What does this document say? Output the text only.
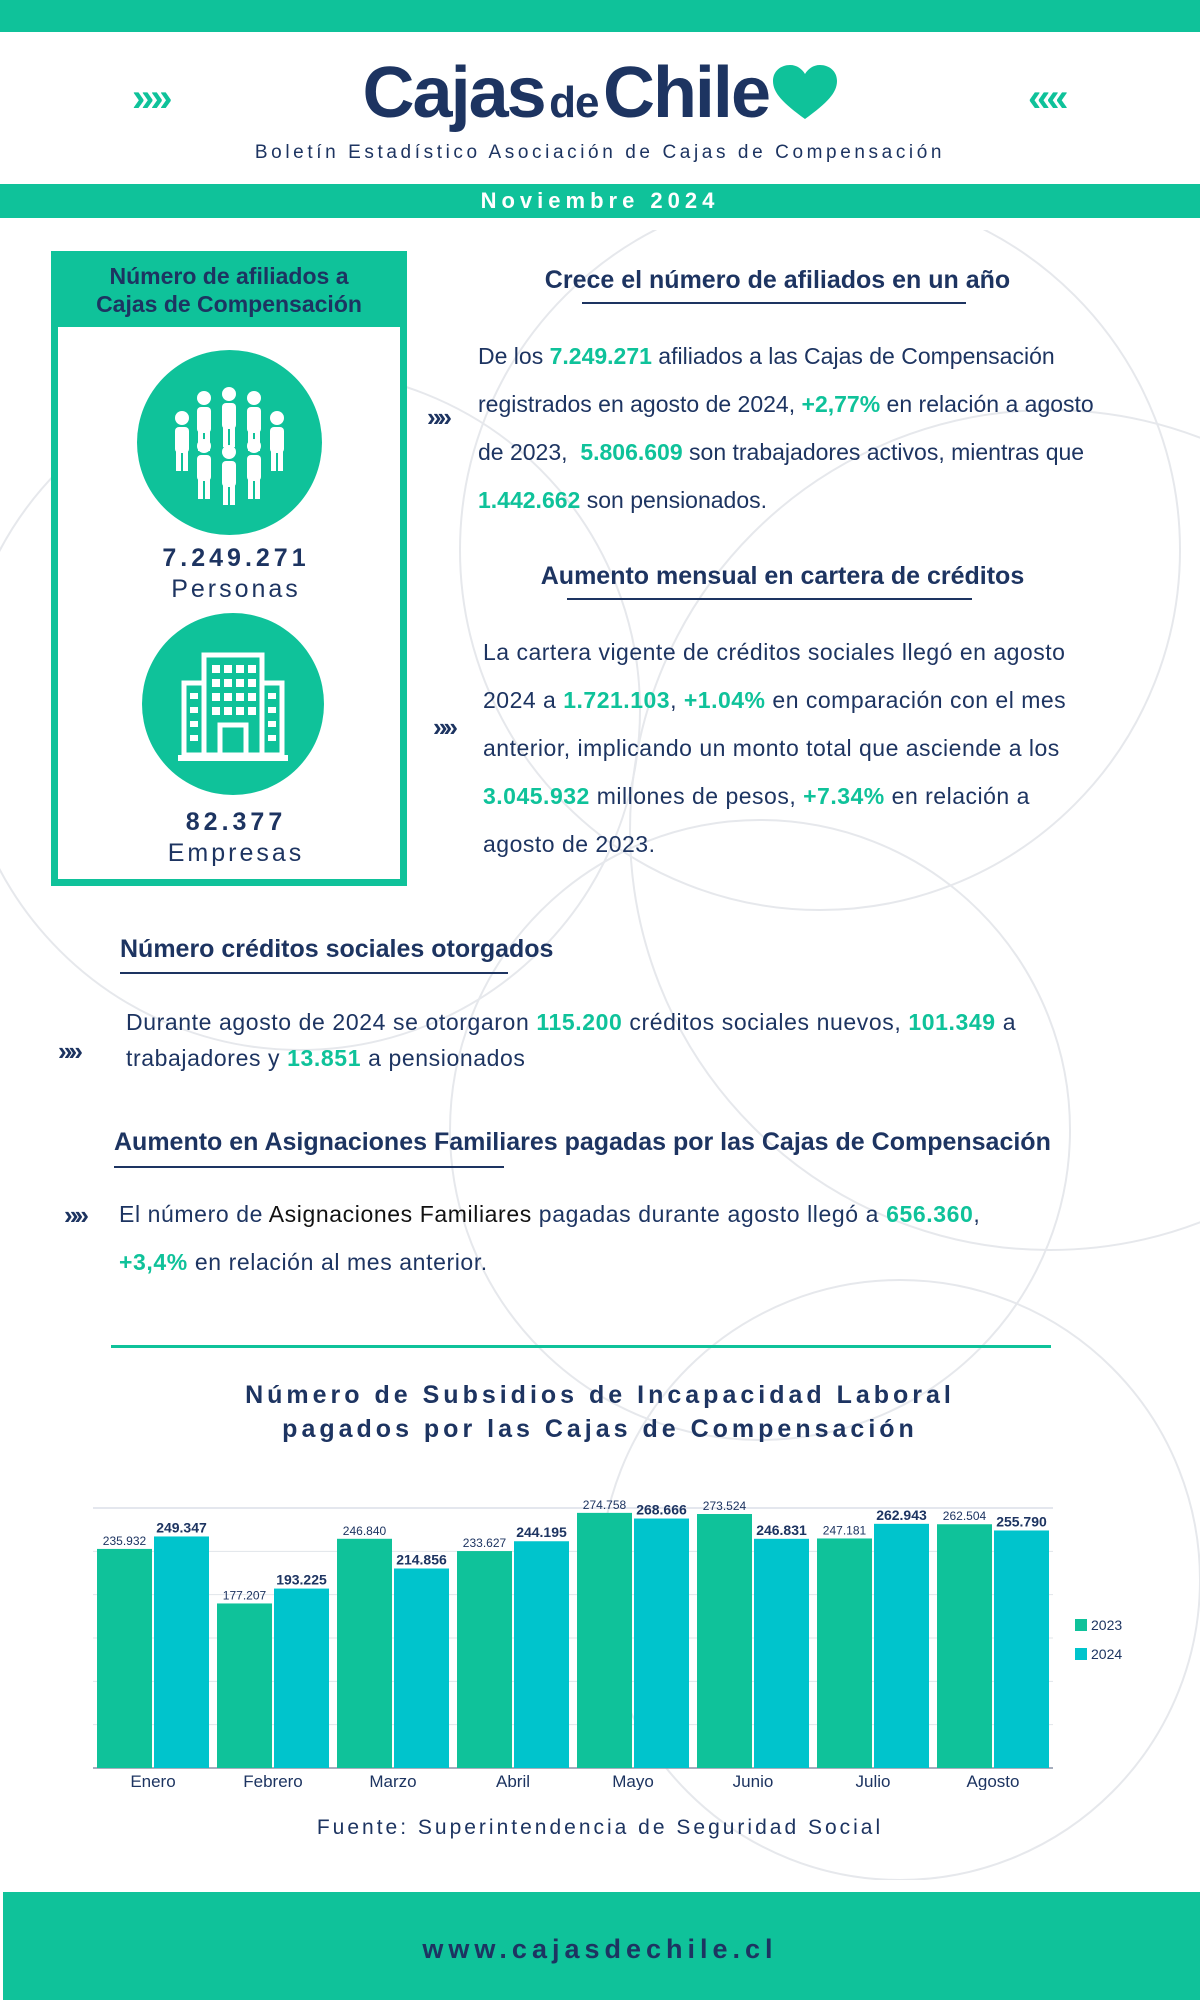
»»	««
Cajas de Chile
Boletín Estadístico Asociación de Cajas de Compensación
Noviembre 2024
Número de afiliados a
Cajas de Compensación
7.249.271
Personas
82.377
Empresas
Crece el número de afiliados en un año
»»
De los 7.249.271 afiliados a las Cajas de Compensación
registrados en agosto de 2024, +2,77% en relación a agosto
de 2023,  5.806.609 son trabajadores activos, mientras que
1.442.662 son pensionados.
Aumento mensual en cartera de créditos
»»
La cartera vigente de créditos sociales llegó en agosto
2024 a 1.721.103, +1.04% en comparación con el mes
anterior, implicando un monto total que asciende a los
3.045.932 millones de pesos, +7.34% en relación a
agosto de 2023.
Número créditos sociales otorgados
»»
Durante agosto de 2024 se otorgaron 115.200 créditos sociales nuevos, 101.349 a
trabajadores y 13.851 a pensionados
Aumento en Asignaciones Familiares pagadas por las Cajas de Compensación
»» El número de Asignaciones Familiares pagadas durante agosto llegó a 656.360,
+3,4% en relación al mes anterior.
Número de Subsidios de Incapacidad Laboral
pagados por las Cajas de Compensación
235.932
249.347
Enero
177.207
193.225
Febrero
246.840
214.856
Marzo
233.627
244.195
Abril
274.758 268.666
Mayo
273.524
246.831
Junio
247.181
262.943
Julio
262.504 255.790
Agosto
2023
2024
Fuente: Superintendencia de Seguridad Social
www.cajasdechile.cl
